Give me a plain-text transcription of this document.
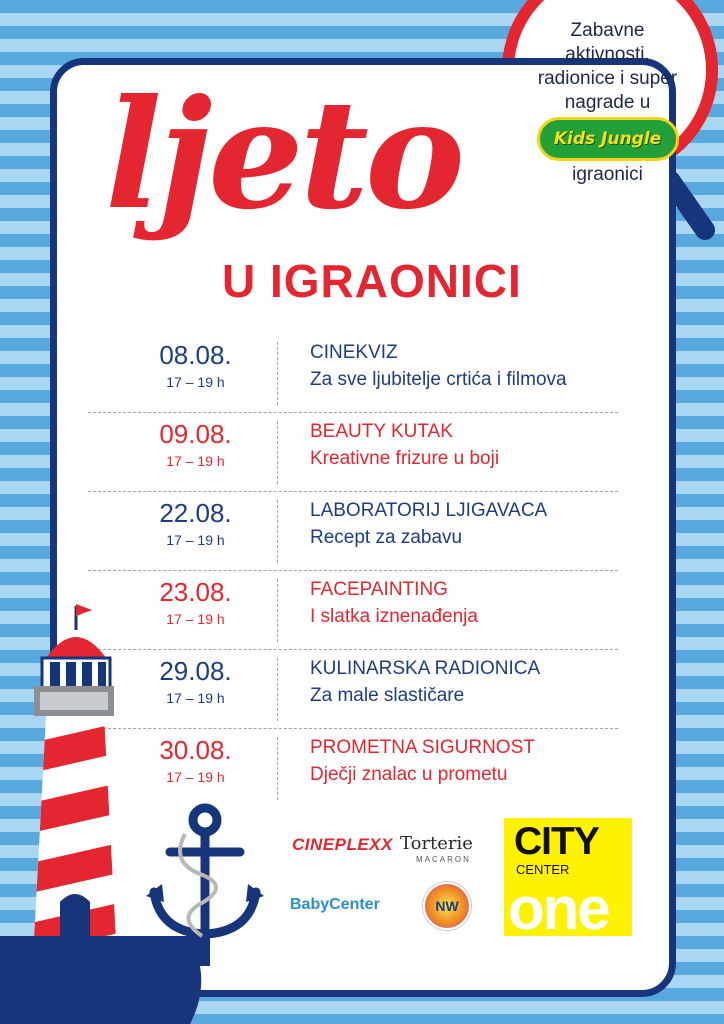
ljeto
U IGRAONICI
Zabavne
aktivnosti,
radionice i super
nagrade u
Kids Jungle
igraonici
08.08.
17 – 19 h
CINEKVIZ
Za sve ljubitelje crtića i filmova
09.08.
17 – 19 h
BEAUTY KUTAK
Kreativne frizure u boji
22.08.
17 – 19 h
LABORATORIJ LJIGAVACA
Recept za zabavu
23.08.
17 – 19 h
FACEPAINTING
I slatka iznenađenja
29.08.
17 – 19 h
KULINARSKA RADIONICA
Za male slastičare
30.08.
17 – 19 h
PROMETNA SIGURNOST
Dječji znalac u prometu
CINEPLEXX Torterie
MACARON
BabyCenter	NW
CITY
CENTER
one
